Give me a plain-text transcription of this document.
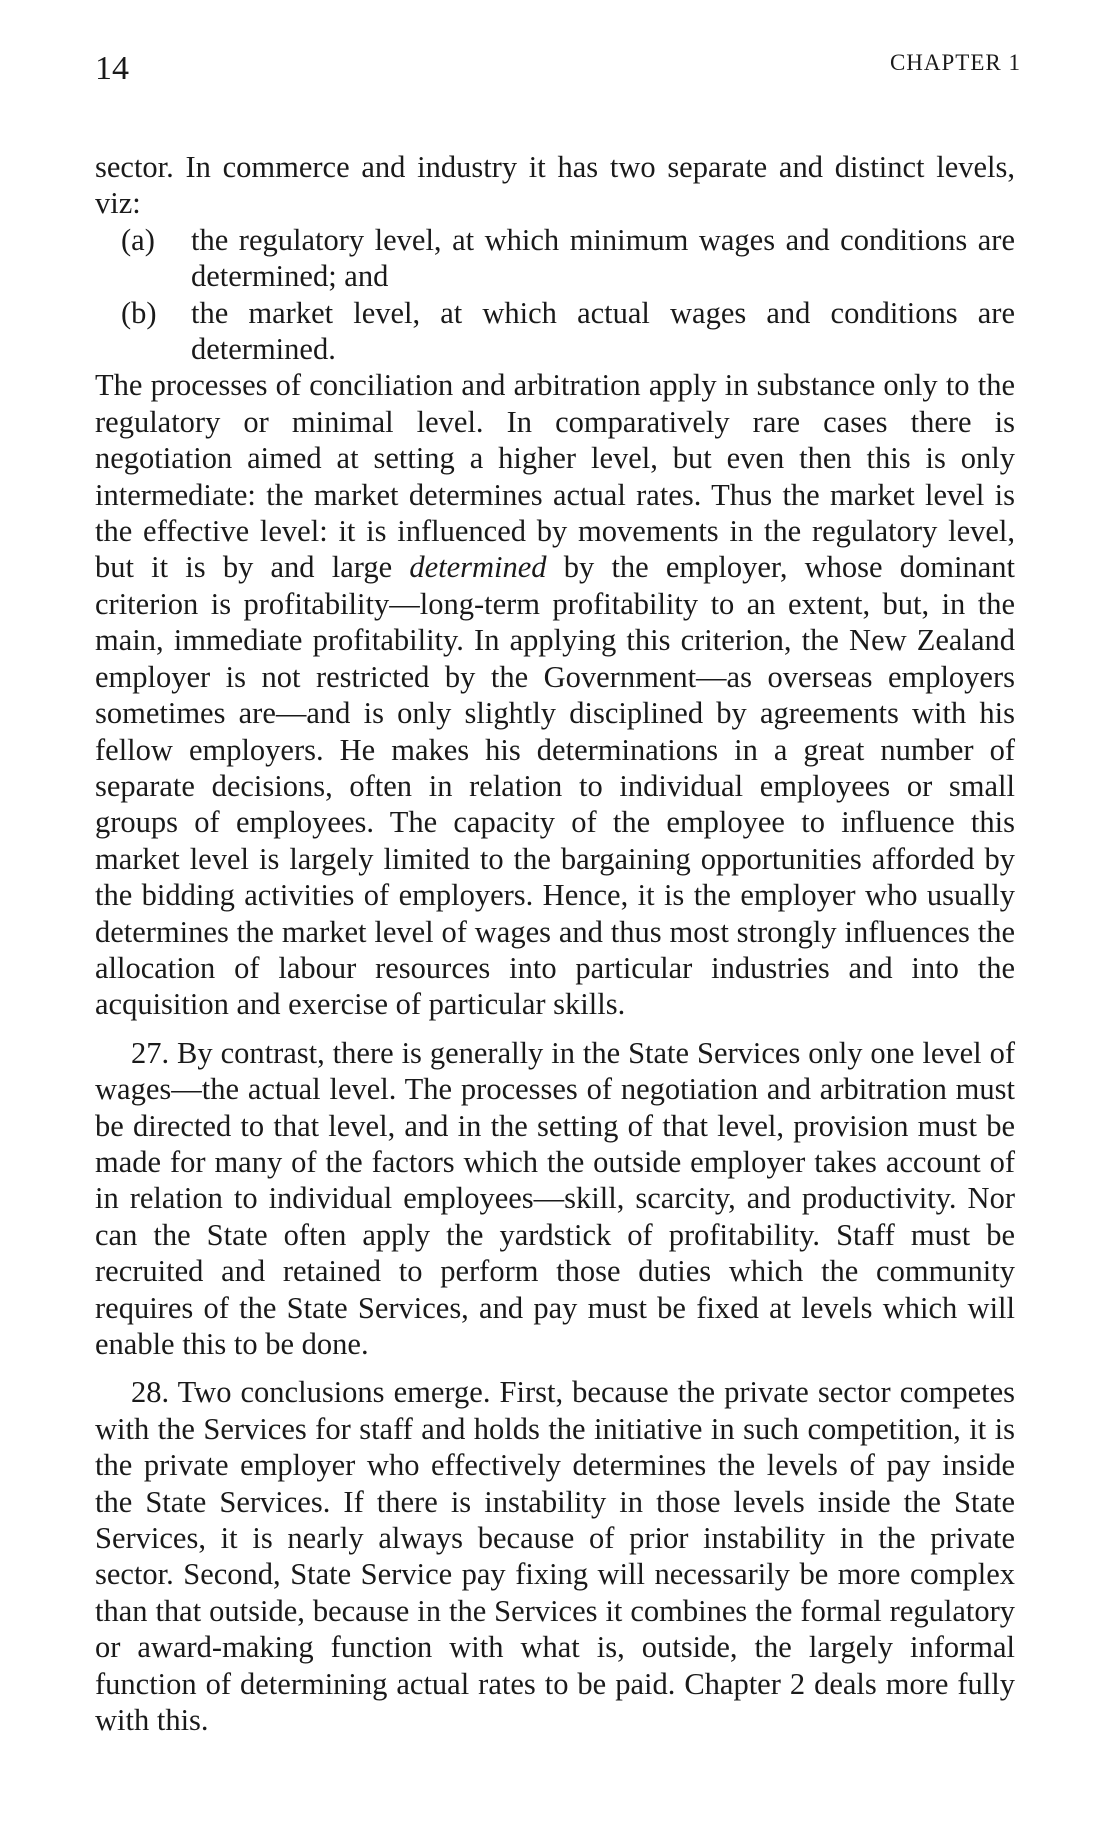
14	CHAPTER 1

sector. In commerce and industry it has two separate and distinct levels, viz:

(a)	the regulatory level, at which minimum wages and conditions are determined; and
(b)	the market level, at which actual wages and conditions are determined.

The processes of conciliation and arbitration apply in substance only to the regulatory or minimal level. In comparatively rare cases there is negotiation aimed at setting a higher level, but even then this is only intermediate: the market determines actual rates. Thus the market level is the effective level: it is influenced by movements in the regulatory level, but it is by and large determined by the employer, whose dominant criterion is profitability—long-term profitability to an extent, but, in the main, immediate profitability. In applying this criterion, the New Zealand employer is not restricted by the Government—as overseas employers sometimes are—and is only slightly disciplined by agreements with his fellow employers. He makes his determinations in a great number of separate decisions, often in relation to individual employees or small groups of employees. The capacity of the employee to influence this market level is largely limited to the bargaining opportunities afforded by the bidding activities of employers. Hence, it is the employer who usually determines the market level of wages and thus most strongly influences the allocation of labour resources into particular industries and into the acquisition and exercise of particular skills.

27. By contrast, there is generally in the State Services only one level of wages—the actual level. The processes of negotiation and arbitration must be directed to that level, and in the setting of that level, provision must be made for many of the factors which the outside employer takes account of in relation to individual employees—skill, scarcity, and productivity. Nor can the State often apply the yardstick of profitability. Staff must be recruited and retained to perform those duties which the community requires of the State Services, and pay must be fixed at levels which will enable this to be done.

28. Two conclusions emerge. First, because the private sector competes with the Services for staff and holds the initiative in such competition, it is the private employer who effectively determines the levels of pay inside the State Services. If there is instability in those levels inside the State Services, it is nearly always because of prior instability in the private sector. Second, State Service pay fixing will necessarily be more complex than that outside, because in the Services it combines the formal regulatory or award-making function with what is, outside, the largely informal function of determining actual rates to be paid. Chapter 2 deals more fully with this.
